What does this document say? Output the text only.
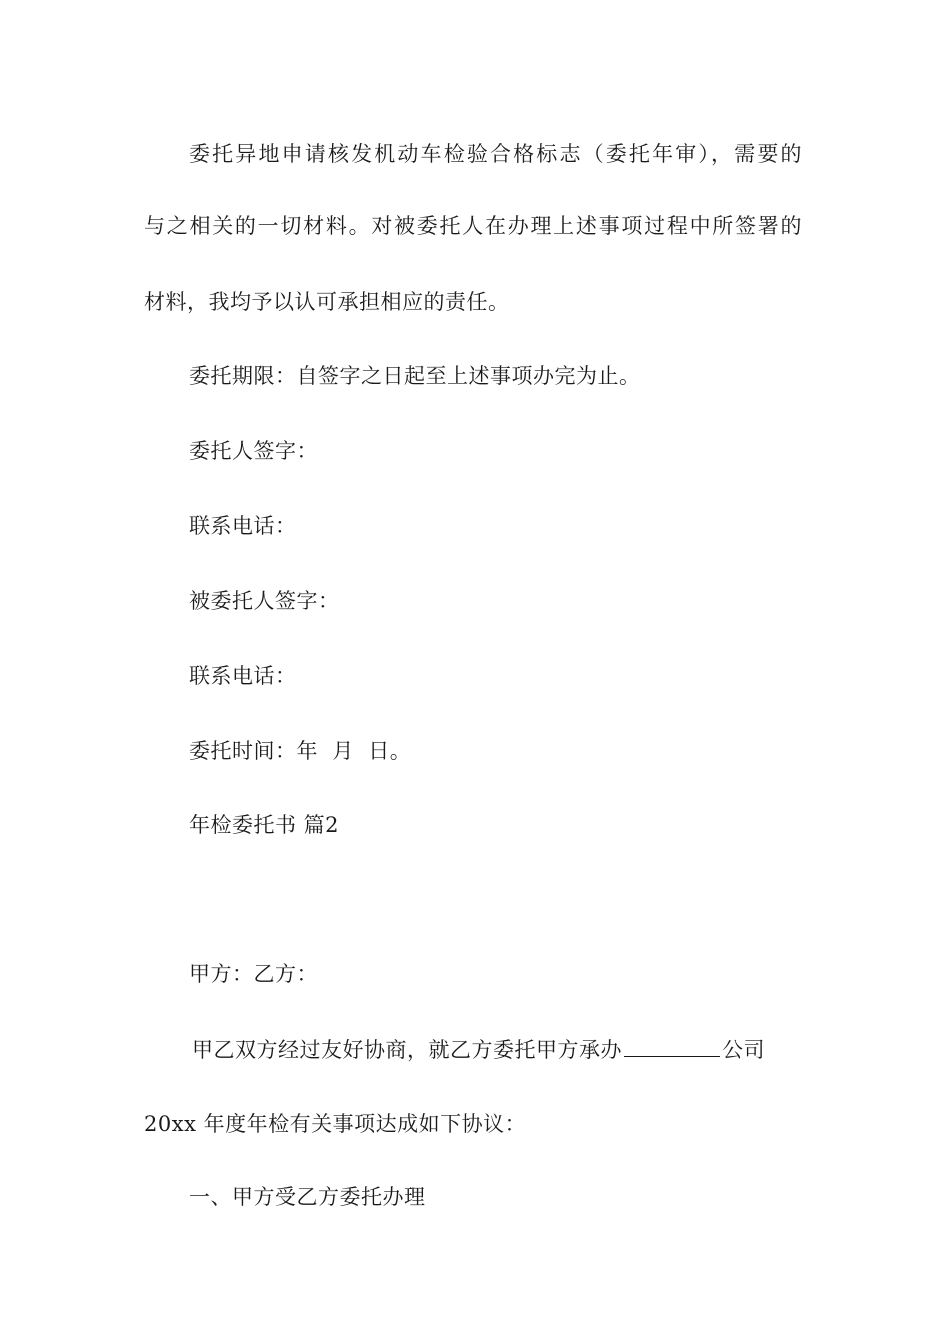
委托异地申请核发机动车检验合格标志（委托年审），需要的
与之相关的一切材料。对被委托人在办理上述事项过程中所签署的
材料，我均予以认可承担相应的责任。
委托期限：自签字之日起至上述事项办完为止。
委托人签字：
联系电话：
被委托人签字：
联系电话：
委托时间：年  月  日。
年检委托书 篇2
甲方：乙方：
甲乙双方经过友好协商，就乙方委托甲方承办	公司
20xx 年度年检有关事项达成如下协议：
一、甲方受乙方委托办理
